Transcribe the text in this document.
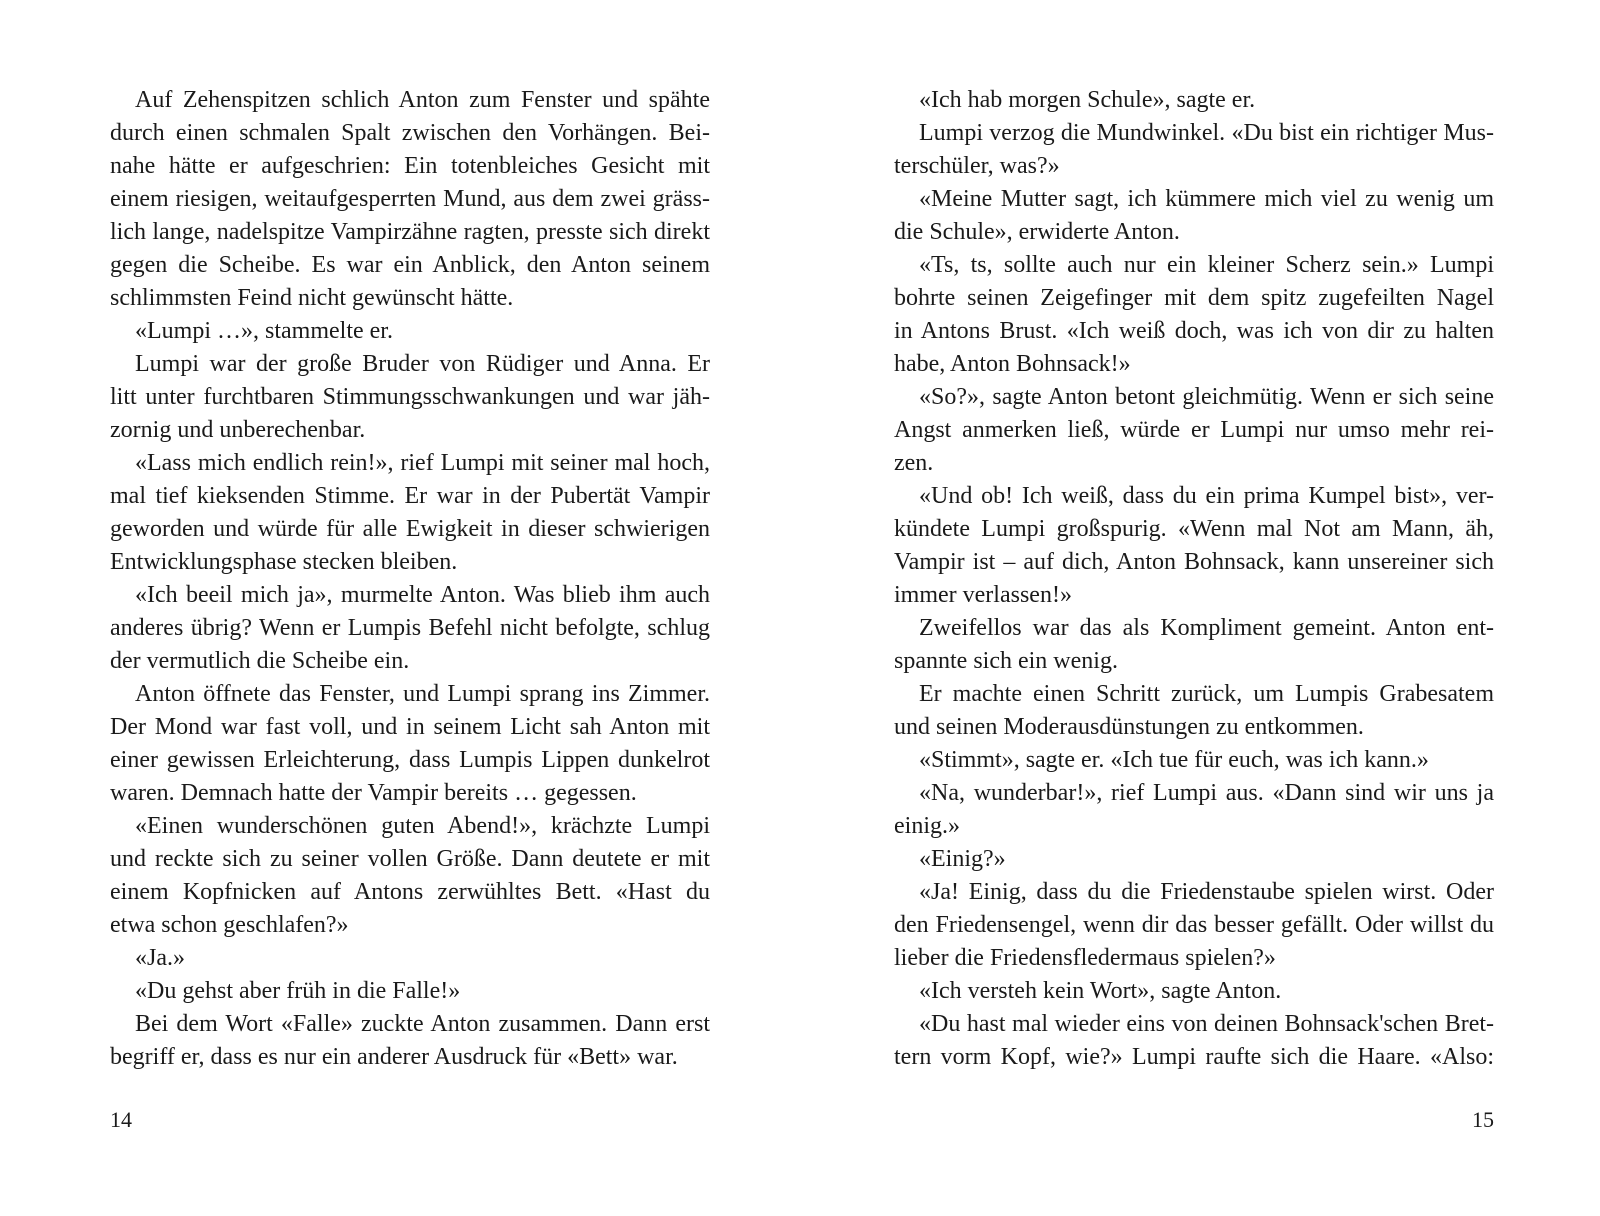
Auf Zehenspitzen schlich Anton zum Fenster und spähte
durch einen schmalen Spalt zwischen den Vorhängen. Bei-
nahe hätte er aufgeschrien: Ein totenbleiches Gesicht mit
einem riesigen, weitaufgesperrten Mund, aus dem zwei gräss-
lich lange, nadelspitze Vampirzähne ragten, presste sich direkt
gegen die Scheibe. Es war ein Anblick, den Anton seinem
schlimmsten Feind nicht gewünscht hätte.
«Lumpi …», stammelte er.
Lumpi war der große Bruder von Rüdiger und Anna. Er
litt unter furchtbaren Stimmungsschwankungen und war jäh-
zornig und unberechenbar.
«Lass mich endlich rein!», rief Lumpi mit seiner mal hoch,
mal tief kieksenden Stimme. Er war in der Pubertät Vampir
geworden und würde für alle Ewigkeit in dieser schwierigen
Entwicklungsphase stecken bleiben.
«Ich beeil mich ja», murmelte Anton. Was blieb ihm auch
anderes übrig? Wenn er Lumpis Befehl nicht befolgte, schlug
der vermutlich die Scheibe ein.
Anton öffnete das Fenster, und Lumpi sprang ins Zimmer.
Der Mond war fast voll, und in seinem Licht sah Anton mit
einer gewissen Erleichterung, dass Lumpis Lippen dunkelrot
waren. Demnach hatte der Vampir bereits … gegessen.
«Einen wunderschönen guten Abend!», krächzte Lumpi
und reckte sich zu seiner vollen Größe. Dann deutete er mit
einem Kopfnicken auf Antons zerwühltes Bett. «Hast du
etwa schon geschlafen?»
«Ja.»
«Du gehst aber früh in die Falle!»
Bei dem Wort «Falle» zuckte Anton zusammen. Dann erst
begriff er, dass es nur ein anderer Ausdruck für «Bett» war.
«Ich hab morgen Schule», sagte er.
Lumpi verzog die Mundwinkel. «Du bist ein richtiger Mus-
terschüler, was?»
«Meine Mutter sagt, ich kümmere mich viel zu wenig um
die Schule», erwiderte Anton.
«Ts, ts, sollte auch nur ein kleiner Scherz sein.» Lumpi
bohrte seinen Zeigefinger mit dem spitz zugefeilten Nagel
in Antons Brust. «Ich weiß doch, was ich von dir zu halten
habe, Anton Bohnsack!»
«So?», sagte Anton betont gleichmütig. Wenn er sich seine
Angst anmerken ließ, würde er Lumpi nur umso mehr rei-
zen.
«Und ob! Ich weiß, dass du ein prima Kumpel bist», ver-
kündete Lumpi großspurig. «Wenn mal Not am Mann, äh,
Vampir ist – auf dich, Anton Bohnsack, kann unsereiner sich
immer verlassen!»
Zweifellos war das als Kompliment gemeint. Anton ent-
spannte sich ein wenig.
Er machte einen Schritt zurück, um Lumpis Grabesatem
und seinen Moderausdünstungen zu entkommen.
«Stimmt», sagte er. «Ich tue für euch, was ich kann.»
«Na, wunderbar!», rief Lumpi aus. «Dann sind wir uns ja
einig.»
«Einig?»
«Ja! Einig, dass du die Friedenstaube spielen wirst. Oder
den Friedensengel, wenn dir das besser gefällt. Oder willst du
lieber die Friedensfledermaus spielen?»
«Ich versteh kein Wort», sagte Anton.
«Du hast mal wieder eins von deinen Bohnsack'schen Bret-
tern vorm Kopf, wie?» Lumpi raufte sich die Haare. «Also:
14	15
